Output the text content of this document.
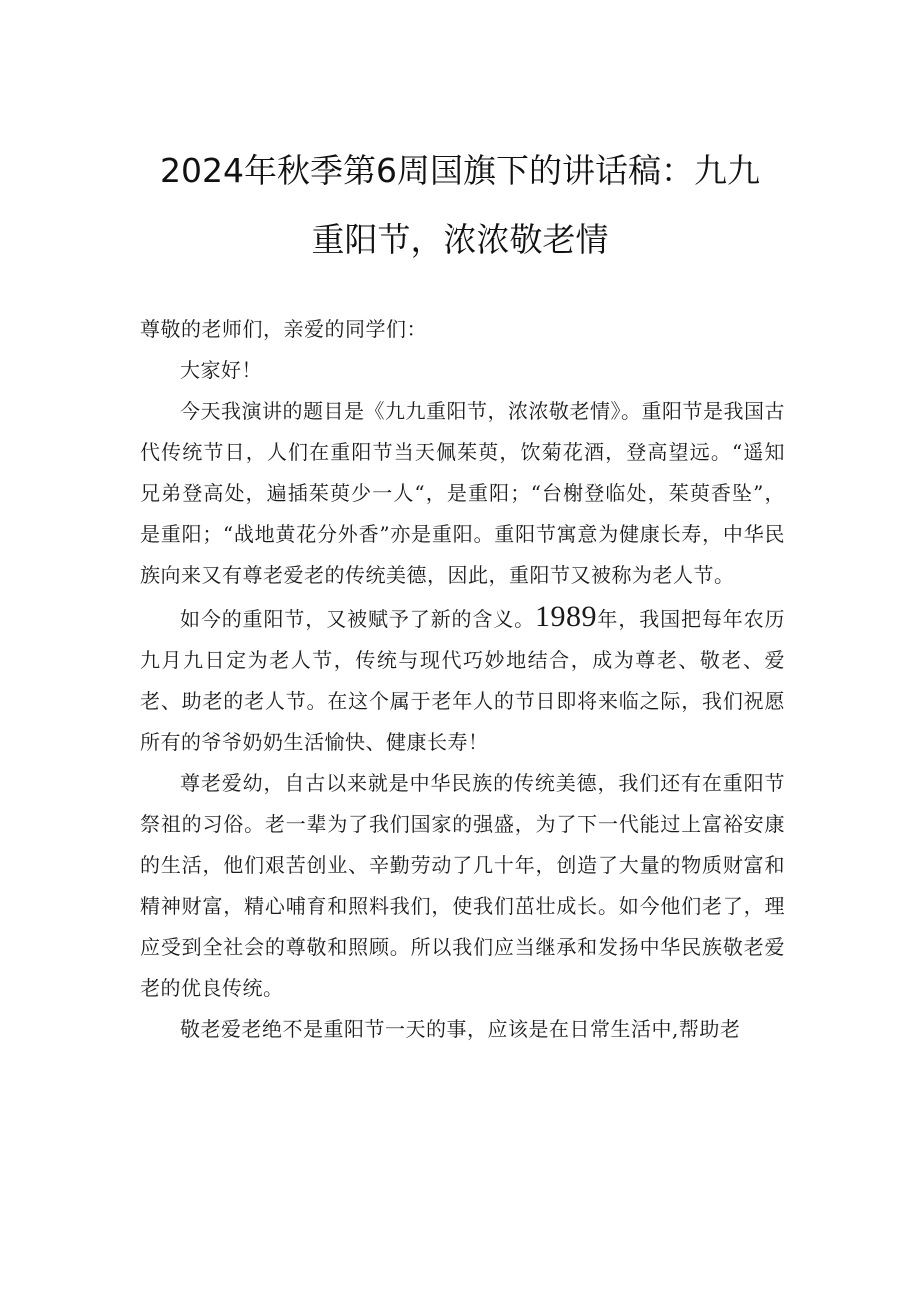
2024年秋季第6周国旗下的讲话稿：九九
重阳节，浓浓敬老情

尊敬的老师们，亲爱的同学们：

大家好！

今天我演讲的题目是《九九重阳节，浓浓敬老情》。重阳节是我国古代传统节日，人们在重阳节当天佩茱萸，饮菊花酒，登高望远。“遥知兄弟登高处，遍插茱萸少一人“，是重阳；“台榭登临处，茱萸香坠”，是重阳；“战地黄花分外香”亦是重阳。重阳节寓意为健康长寿，中华民族向来又有尊老爱老的传统美德，因此，重阳节又被称为老人节。

如今的重阳节，又被赋予了新的含义。1989年，我国把每年农历九月九日定为老人节，传统与现代巧妙地结合，成为尊老、敬老、爱老、助老的老人节。在这个属于老年人的节日即将来临之际，我们祝愿所有的爷爷奶奶生活愉快、健康长寿！

尊老爱幼，自古以来就是中华民族的传统美德，我们还有在重阳节祭祖的习俗。老一辈为了我们国家的强盛，为了下一代能过上富裕安康的生活，他们艰苦创业、辛勤劳动了几十年，创造了大量的物质财富和精神财富，精心哺育和照料我们，使我们茁壮成长。如今他们老了，理应受到全社会的尊敬和照顾。所以我们应当继承和发扬中华民族敬老爱老的优良传统。

敬老爱老绝不是重阳节一天的事，应该是在日常生活中,帮助老
